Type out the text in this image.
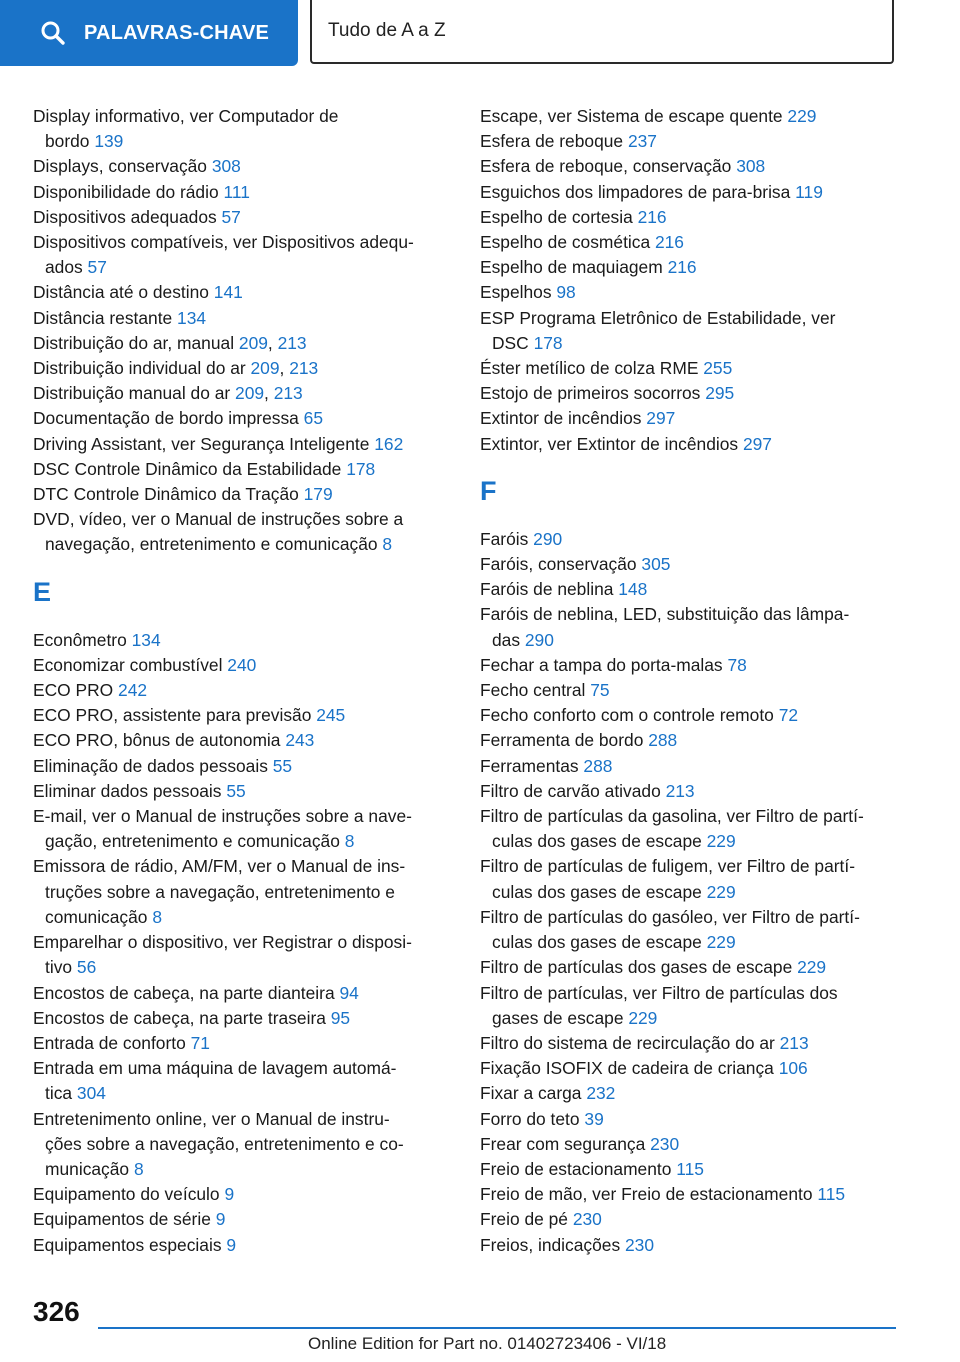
PALAVRAS-CHAVE	Tudo de A a Z
Display informativo, ver Computador de
bordo 139
Displays, conservação 308
Disponibilidade do rádio 111
Dispositivos adequados 57
Dispositivos compatíveis, ver Dispositivos adequ‐
ados 57
Distância até o destino 141
Distância restante 134
Distribuição do ar, manual 209, 213
Distribuição individual do ar 209, 213
Distribuição manual do ar 209, 213
Documentação de bordo impressa 65
Driving Assistant, ver Segurança Inteligente 162
DSC Controle Dinâmico da Estabilidade 178
DTC Controle Dinâmico da Tração 179
DVD, vídeo, ver o Manual de instruções sobre a
navegação, entretenimento e comunicação 8
E
Econômetro 134
Economizar combustível 240
ECO PRO 242
ECO PRO, assistente para previsão 245
ECO PRO, bônus de autonomia 243
Eliminação de dados pessoais 55
Eliminar dados pessoais 55
E-mail, ver o Manual de instruções sobre a nave‐
gação, entretenimento e comunicação 8
Emissora de rádio, AM/FM, ver o Manual de ins‐
truções sobre a navegação, entretenimento e
comunicação 8
Emparelhar o dispositivo, ver Registrar o disposi‐
tivo 56
Encostos de cabeça, na parte dianteira 94
Encostos de cabeça, na parte traseira 95
Entrada de conforto 71
Entrada em uma máquina de lavagem automá‐
tica 304
Entretenimento online, ver o Manual de instru‐
ções sobre a navegação, entretenimento e co‐
municação 8
Equipamento do veículo 9
Equipamentos de série 9
Equipamentos especiais 9
Escape, ver Sistema de escape quente 229
Esfera de reboque 237
Esfera de reboque, conservação 308
Esguichos dos limpadores de para-brisa 119
Espelho de cortesia 216
Espelho de cosmética 216
Espelho de maquiagem 216
Espelhos 98
ESP Programa Eletrônico de Estabilidade, ver
DSC 178
Éster metílico de colza RME 255
Estojo de primeiros socorros 295
Extintor de incêndios 297
Extintor, ver Extintor de incêndios 297
F
Faróis 290
Faróis, conservação 305
Faróis de neblina 148
Faróis de neblina, LED, substituição das lâmpa‐
das 290
Fechar a tampa do porta-malas 78
Fecho central 75
Fecho conforto com o controle remoto 72
Ferramenta de bordo 288
Ferramentas 288
Filtro de carvão ativado 213
Filtro de partículas da gasolina, ver Filtro de partí‐
culas dos gases de escape 229
Filtro de partículas de fuligem, ver Filtro de partí‐
culas dos gases de escape 229
Filtro de partículas do gasóleo, ver Filtro de partí‐
culas dos gases de escape 229
Filtro de partículas dos gases de escape 229
Filtro de partículas, ver Filtro de partículas dos
gases de escape 229
Filtro do sistema de recirculação do ar 213
Fixação ISOFIX de cadeira de criança 106
Fixar a carga 232
Forro do teto 39
Frear com segurança 230
Freio de estacionamento 115
Freio de mão, ver Freio de estacionamento 115
Freio de pé 230
Freios, indicações 230
326
Online Edition for Part no. 01402723406 - VI/18
